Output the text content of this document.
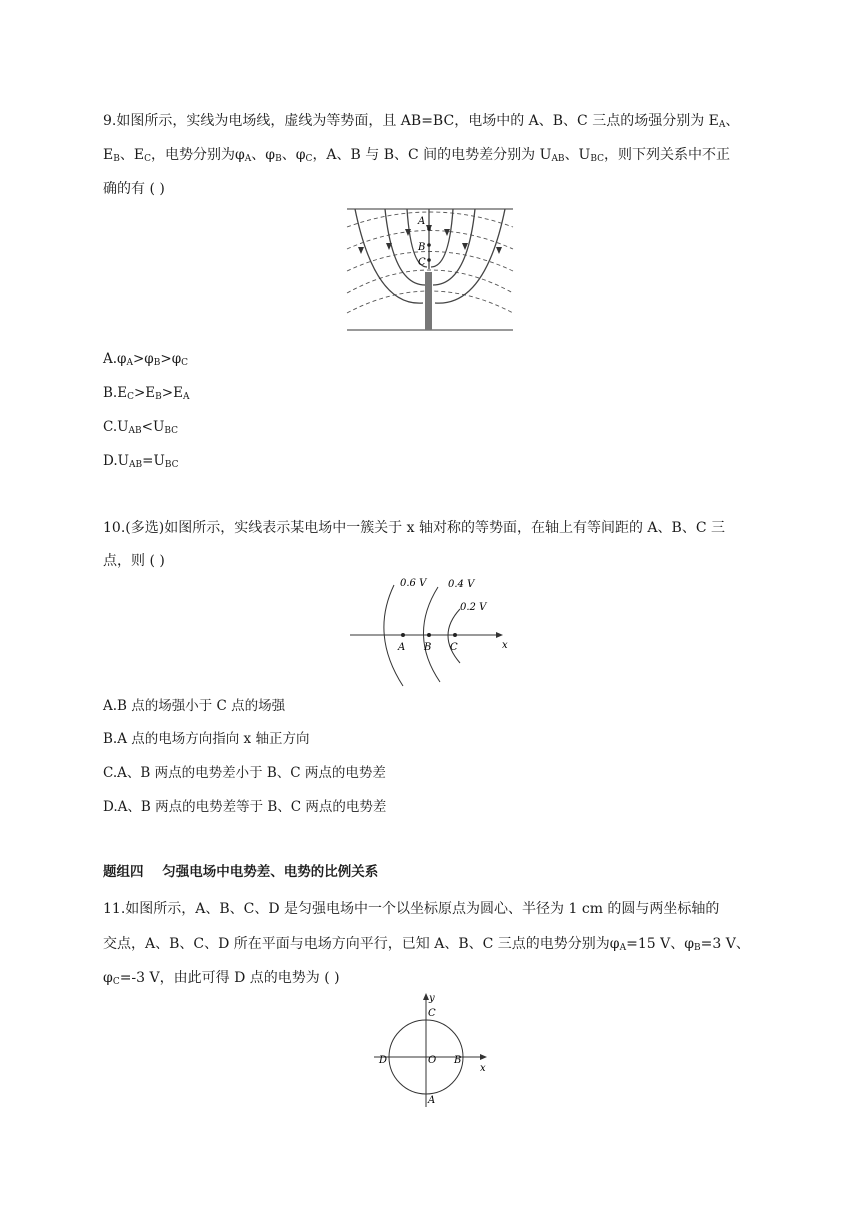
9.如图所示，实线为电场线，虚线为等势面，且 AB=BC，电场中的 A、B、C 三点的场强分别为 $E_A$、
$E_B$、$E_C$，电势分别为$\varphi_A$、$\varphi_B$、$\varphi_C$，A、B 与 B、C 间的电势差分别为 $U_{AB}$、$U_{BC}$，则下列关系中不正
确的有 ( )
A
B
C
$A.\varphi_A>\varphi_B>\varphi_C$
$B.E_C>E_B>E_A$
$C.U_{AB}<U_{BC}$
$D.U_{AB}=U_{BC}$
10.(多选)如图所示，实线表示某电场中一簇关于 x 轴对称的等势面，在轴上有等间距的 A、B、C 三
点，则 ( )
0.6 V 0.4 V
0.2 V
A B C	x
A.B 点的场强小于 C 点的场强
B.A 点的电场方向指向 x 轴正方向
C.A、B 两点的电势差小于 B、C 两点的电势差
D.A、B 两点的电势差等于 B、C 两点的电势差
题组四    匀强电场中电势差、电势的比例关系
11.如图所示，A、B、C、D 是匀强电场中一个以坐标原点为圆心、半径为 1 cm 的圆与两坐标轴的
交点，A、B、C、D 所在平面与电场方向平行，已知 A、B、C 三点的电势分别为$\varphi_A=15$ V、$\varphi_B=3$ V、
$\varphi_C=-3$ V，由此可得 D 点的电势为 ( )
y
x
C
D	O B
A
